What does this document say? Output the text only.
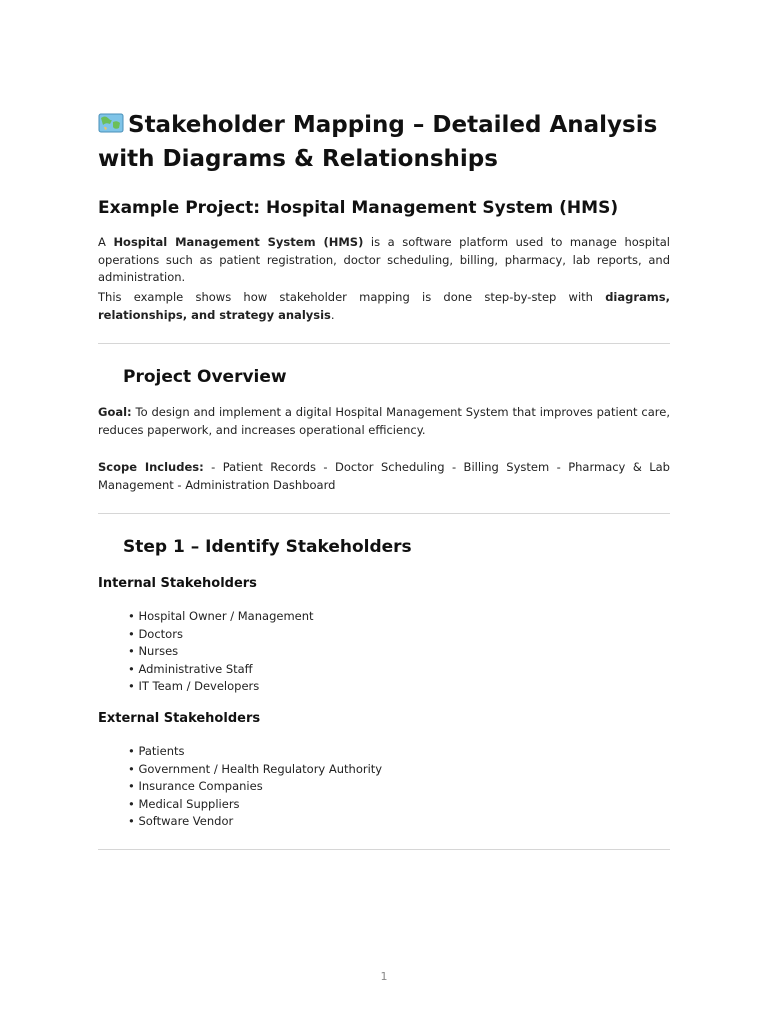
Stakeholder Mapping – Detailed Analysis with Diagrams & Relationships
Example Project: Hospital Management System (HMS)

A Hospital Management System (HMS) is a software platform used to manage hospital operations such as patient registration, doctor scheduling, billing, pharmacy, lab reports, and administration.

This example shows how stakeholder mapping is done step-by-step with diagrams, relationships, and strategy analysis.

Project Overview

Goal: To design and implement a digital Hospital Management System that improves patient care, reduces paperwork, and increases operational efficiency.

Scope Includes: - Patient Records - Doctor Scheduling - Billing System - Pharmacy & Lab Management - Administration Dashboard

Step 1 – Identify Stakeholders
Internal Stakeholders
• Hospital Owner / Management
• Doctors
• Nurses
• Administrative Staff
• IT Team / Developers
External Stakeholders
• Patients
• Government / Health Regulatory Authority
• Insurance Companies
• Medical Suppliers
• Software Vendor
1
